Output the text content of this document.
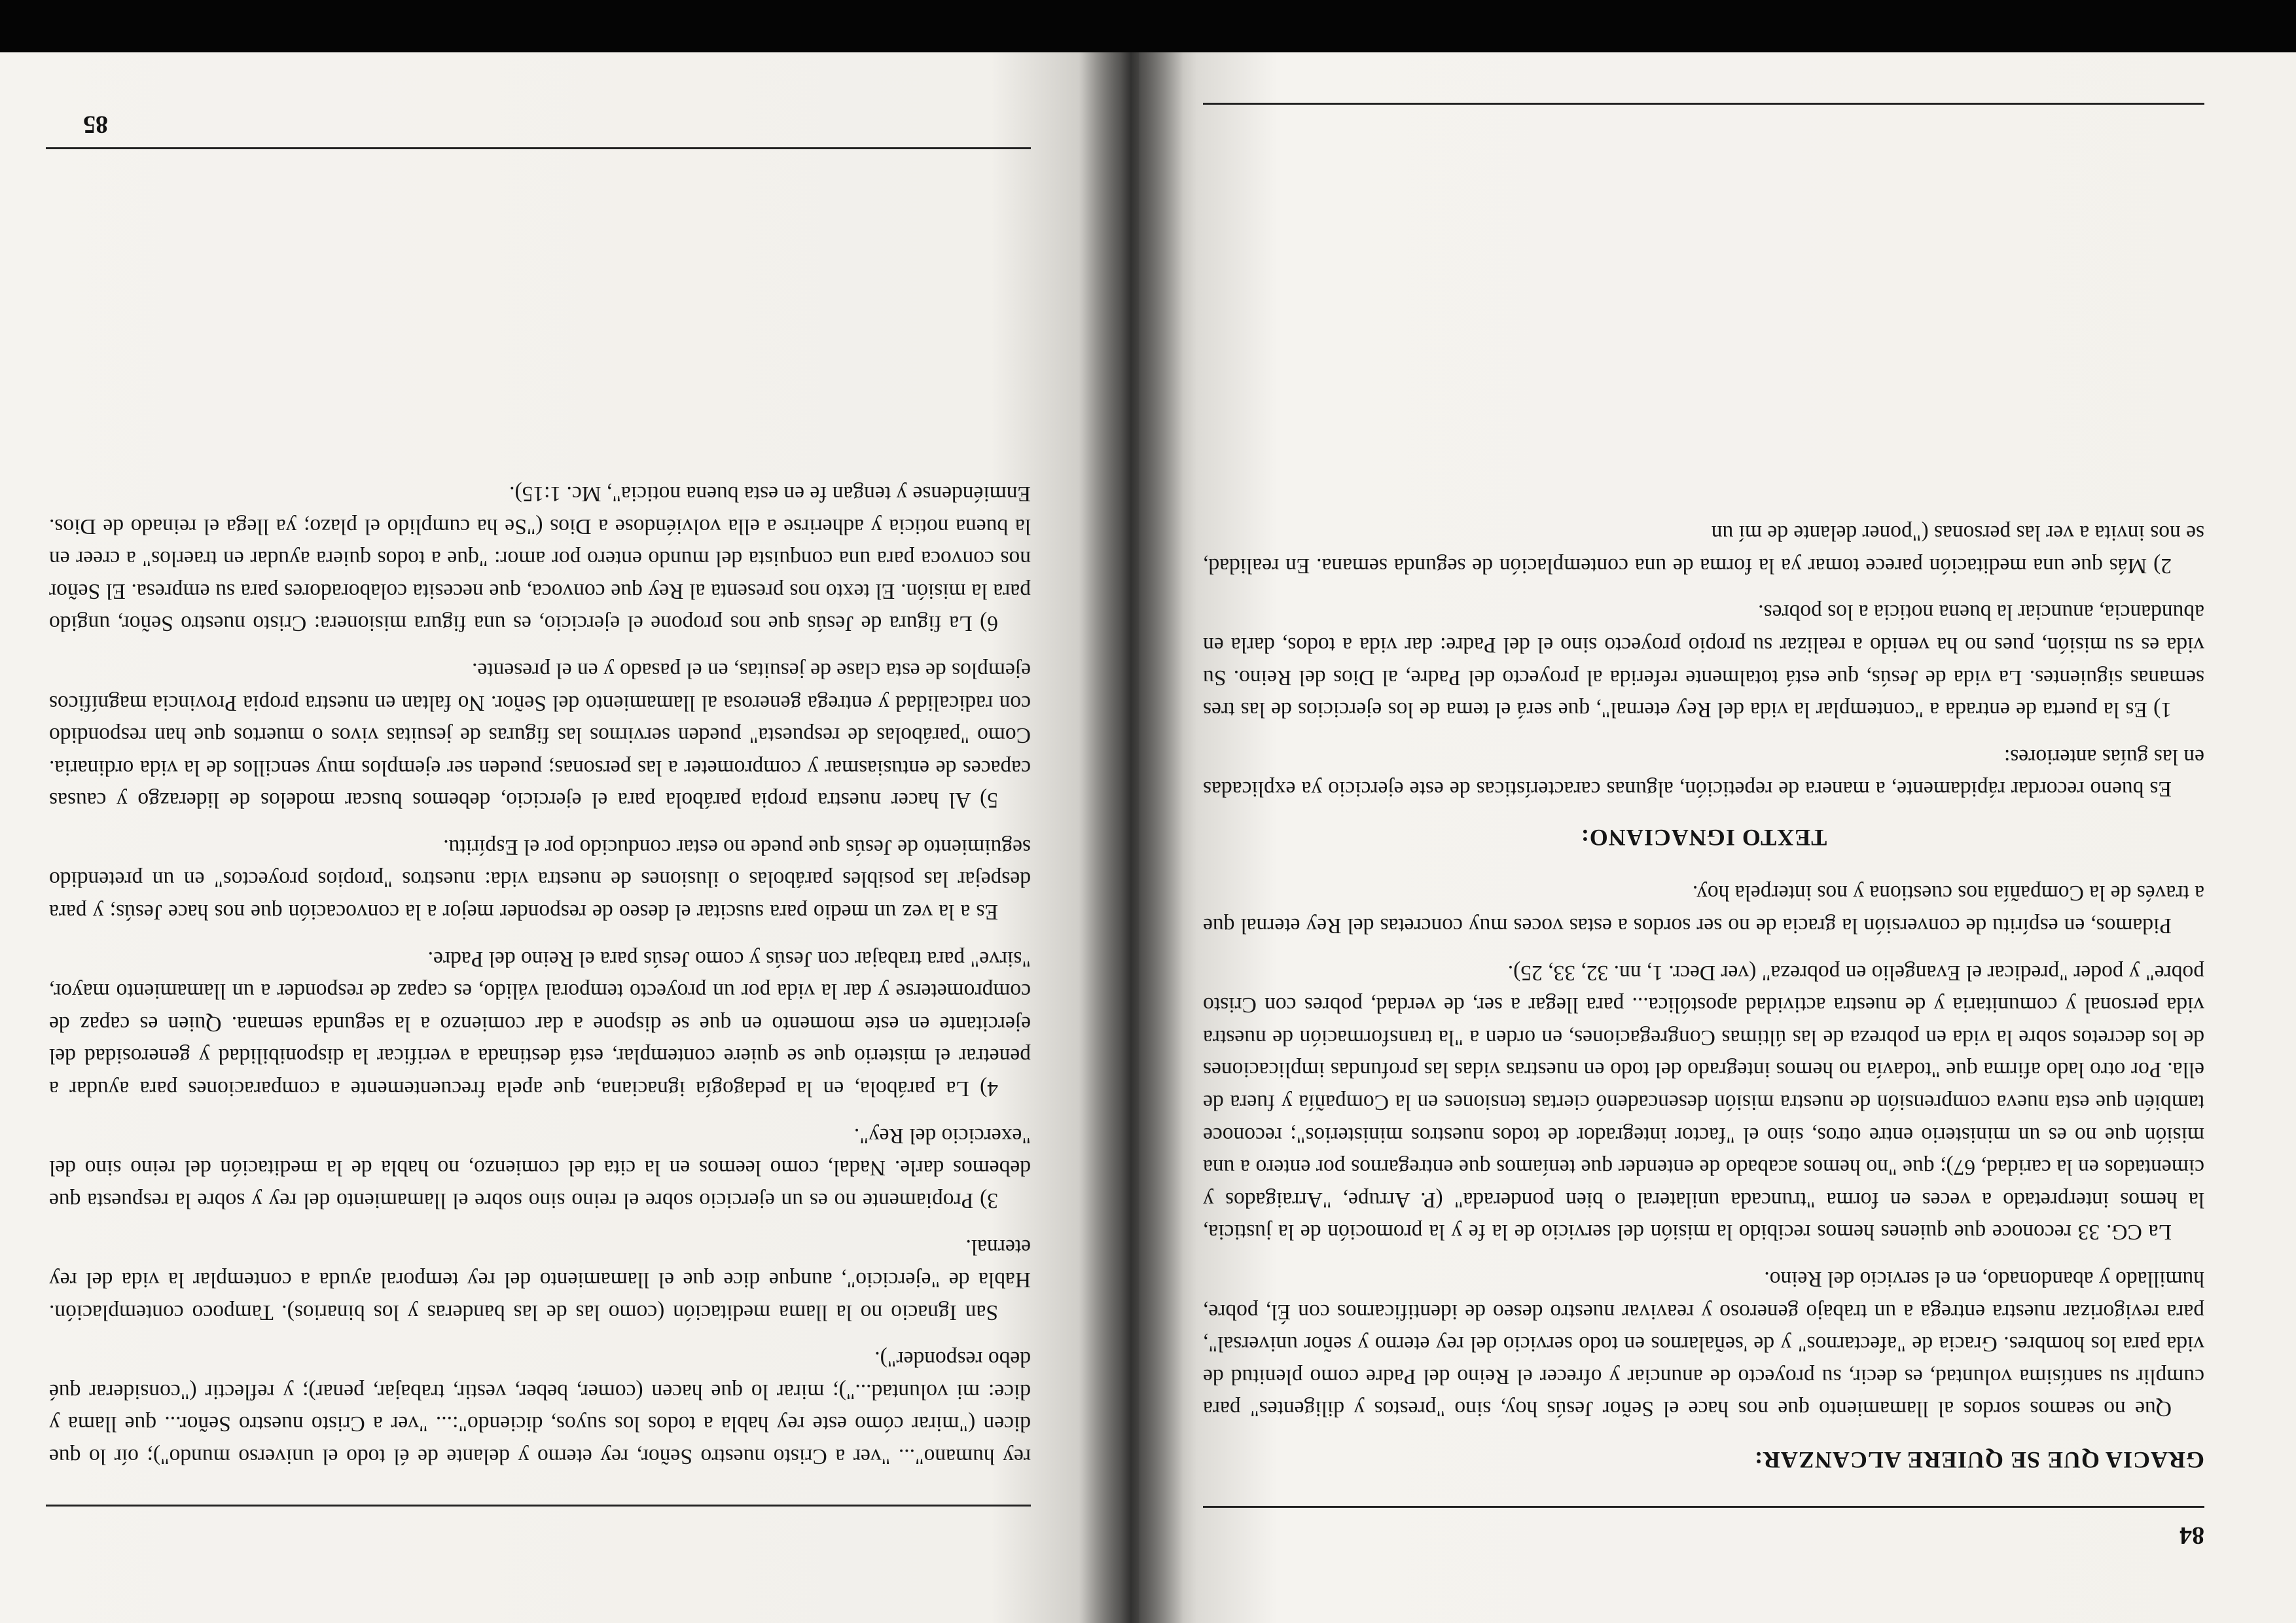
84
GRACIA QUE SE QUIERE ALCANZAR:

Que no seamos sordos al llamamiento que nos hace el Señor Jesús hoy, sino "prestos y diligentes" para cumplir su santísima voluntad, es decir, su proyecto de anunciar y ofrecer el Reino del Padre como plenitud de vida para los hombres. Gracia de "afectarnos" y de 'señalarnos en todo servicio del rey eterno y señor universal", para revigorizar nuestra entrega a un trabajo generoso y reavivar nuestro deseo de identificarnos con Él, pobre, humillado y abandonado, en el servicio del Reino.

La CG. 33 reconoce que quienes hemos recibido la misión del servicio de la fe y la promoción de la justicia, la hemos interpretado a veces en forma "truncada unilateral o bien ponderada" (P. Arrupe, "Arraigados y cimentados en la caridad, 67); que "no hemos acabado de entender que teníamos que entregarnos por entero a una misión que no es un ministerio entre otros, sino el "factor integrador de todos nuestros ministerios"; reconoce también que esta nueva comprensión de nuestra misión desencadenó ciertas tensiones en la Compañía y fuera de ella. Por otro lado afirma que "todavía no hemos integrado del todo en nuestras vidas las profundas implicaciones de los decretos sobre la vida en pobreza de las últimas Congregaciones, en orden a "la transformación de nuestra vida personal y comunitaria y de nuestra actividad apostólica... para llegar a ser, de verdad, pobres con Cristo pobre" y poder "predicar el Evangelio en pobreza" (ver Decr. 1, nn. 32, 33, 25).

Pidamos, en espíritu de conversión la gracia de no ser sordos a estas voces muy concretas del Rey eternal que a través de la Compañía nos cuestiona y nos interpela hoy.

TEXTO IGNACIANO:

Es bueno recordar rápidamente, a manera de repetición, algunas características de este ejercicio ya explicadas en las guías anteriores:

1) Es la puerta de entrada a "contemplar la vida del Rey eternal", que será el tema de los ejercicios de las tres semanas siguientes. La vida de Jesús, que está totalmente referida al proyecto del Padre, al Dios del Reino. Su vida es su misión, pues no ha venido a realizar su propio proyecto sino el del Padre: dar vida a todos, darla en abundancia, anunciar la buena noticia a los pobres.

2) Más que una meditación parece tomar ya la forma de una contemplación de segunda semana. En realidad, se nos invita a ver las personas ("poner delante de mí un

rey humano"... "ver a Cristo nuestro Señor, rey eterno y delante de él todo el universo mundo"); oír lo que dicen ("mirar cómo este rey habla a todos los suyos, diciendo":... "ver a Cristo nuestro Señor... que llama y dice: mi voluntad..."); mirar lo que hacen (comer, beber, vestir, trabajar, penar); y reflectir ("considerar qué debo responder").

San Ignacio no la llama meditación (como las de las banderas y los binarios). Tampoco contemplación. Habla de "ejercicio", aunque dice que el llamamiento del rey temporal ayuda a contemplar la vida del rey eternal.

3) Propiamente no es un ejercicio sobre el reino sino sobre el llamamiento del rey y sobre la respuesta que debemos darle. Nadal, como leemos en la cita del comienzo, no habla de la meditación del reino sino del "exercicio del Rey".

4) La parábola, en la pedagogía ignaciana, que apela frecuentemente a comparaciones para ayudar a penetrar el misterio que se quiere contemplar, está destinada a verificar la disponibilidad y generosidad del ejercitante en este momento en que se dispone a dar comienzo a la segunda semana. Quien es capaz de comprometerse y dar la vida por un proyecto temporal válido, es capaz de responder a un llamamiento mayor, "sirve" para trabajar con Jesús y como Jesús para el Reino del Padre.

Es a la vez un medio para suscitar el deseo de responder mejor a la convocación que nos hace Jesús; y para despejar las posibles parábolas o ilusiones de nuestra vida: nuestros "propios proyectos" en un pretendido seguimiento de Jesús que puede no estar conducido por el Espíritu.

5) Al hacer nuestra propia parábola para el ejercicio, debemos buscar modelos de liderazgo y causas capaces de entusiasmar y comprometer a las personas; pueden ser ejemplos muy sencillos de la vida ordinaria. Como "parábolas de respuesta" pueden servirnos las figuras de jesuitas vivos o muertos que han respondido con radicalidad y entrega generosa al llamamiento del Señor. No faltan en nuestra propia Provincia magníficos ejemplos de esta clase de jesuitas, en el pasado y en el presente.

6) La figura de Jesús que nos propone el ejercicio, es una figura misionera: Cristo nuestro Señor, ungido para la misión. El texto nos presenta al Rey que convoca, que necesita colaboradores para su empresa. El Señor nos convoca para una conquista del mundo entero por amor: "que a todos quiera ayudar en traerlos" a creer en la buena noticia y adherirse a ella volviéndose a Dios ("Se ha cumplido el plazo; ya llega el reinado de Dios. Enmiéndense y tengan fe en esta buena noticia", Mc. 1:15).

85
